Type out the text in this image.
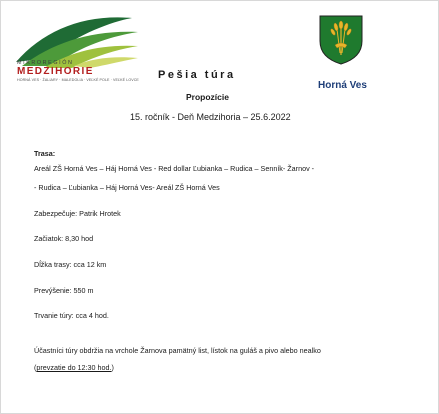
MIKROREGIÓN
MEDZIHORIE
HORNÁ VES · ŽALIARY · MALEDOLIA · VEĽKÉ POLE · VEĽKÉ LOVCE	Horná Ves
Pešia túra
Propozície
15. ročník - Deň Medzihoria – 25.6.2022
Trasa:
Areál ZŠ Horná Ves – Háj Horná Ves - Red dollar Ľubianka – Rudica – Senník- Žarnov -
- Rudica – Ľubianka – Háj Horná Ves- Areál ZŠ Horná Ves
Zabezpečuje: Patrik Hrotek
Začiatok: 8,30 hod
Dĺžka trasy: cca 12 km
Prevýšenie: 550 m
Trvanie túry: cca 4 hod.
Účastníci túry obdržia na vrchole Žarnova pamätný list, lístok na guláš a pivo alebo nealko
(prevzatie do 12:30 hod.)
